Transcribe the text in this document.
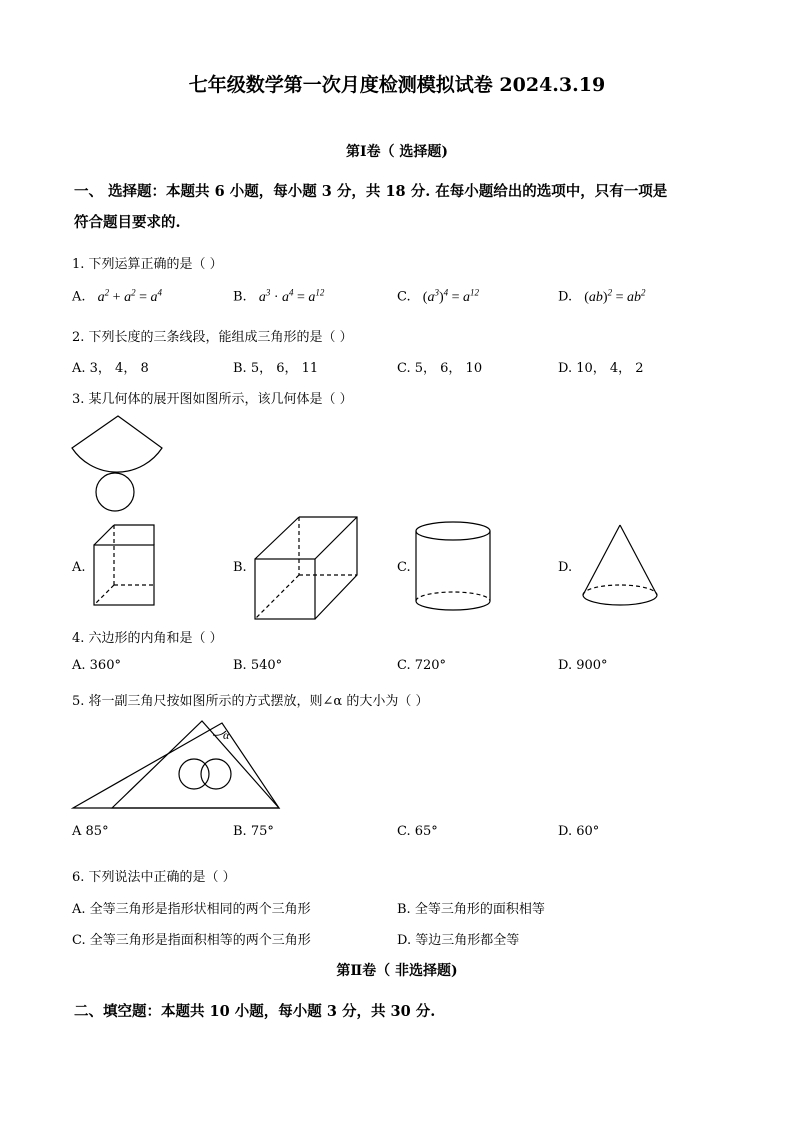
七年级数学第一次月度检测模拟试卷 2024.3.19
第Ⅰ卷（ 选择题)
一、 选择题：本题共 6 小题，每小题 3 分，共 18 分. 在每小题给出的选项中，只有一项是
符合题目要求的.
1. 下列运算正确的是（ ）
A. $a^2 + a^2 = a^4$	B. $a^3 \cdot a^4 = a^{12}$	C. $(a^3)^4 = a^{12}$	D. $(ab)^2 = ab^2$
2. 下列长度的三条线段，能组成三角形的是（ ）
A. 3， 4， 8	B. 5， 6， 11	C. 5， 6， 10	D. 10， 4， 2
3. 某几何体的展开图如图所示，该几何体是（ ）
A.	B.	C.	D.
4. 六边形的内角和是（ ）
A. 360°	B. 540°	C. 720°	D. 900°
5. 将一副三角尺按如图所示的方式摆放，则∠α 的大小为（ ）
α
A 85°	B. 75°	C. 65°	D. 60°
6. 下列说法中正确的是（ ）
A. 全等三角形是指形状相同的两个三角形	B. 全等三角形的面积相等
C. 全等三角形是指面积相等的两个三角形	D. 等边三角形都全等
第Ⅱ卷（ 非选择题)
二、填空题：本题共 10 小题，每小题 3 分，共 30 分.
